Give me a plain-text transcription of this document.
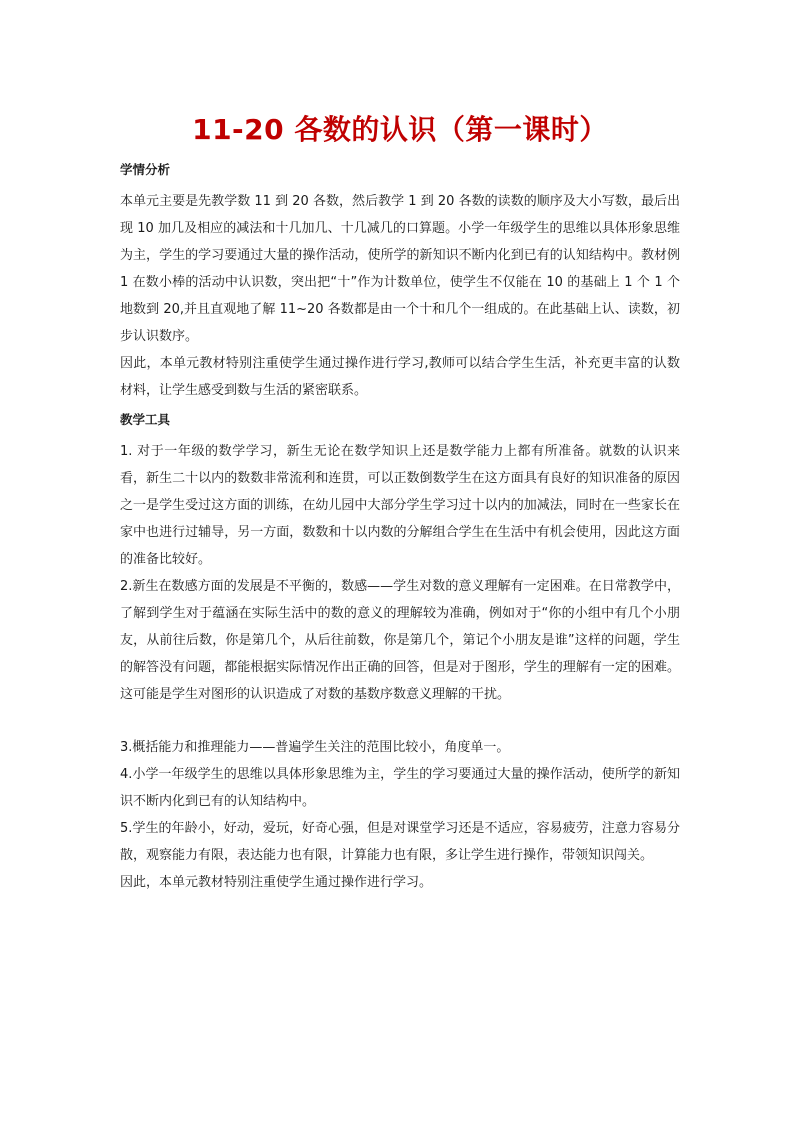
11-20 各数的认识（第一课时）
学情分析

本单元主要是先教学数 11 到 20 各数，然后教学 1 到 20 各数的读数的顺序及大小写数，最后出现 10 加几及相应的减法和十几加几、十几减几的口算题。小学一年级学生的思维以具体形象思维为主，学生的学习要通过大量的操作活动，使所学的新知识不断内化到已有的认知结构中。教材例 1 在数小棒的活动中认识数，突出把“十”作为计数单位，使学生不仅能在 10 的基础上 1 个 1 个地数到 20,并且直观地了解 11~20 各数都是由一个十和几个一组成的。在此基础上认、读数，初步认识数序。

因此，本单元教材特别注重使学生通过操作进行学习,教师可以结合学生生活，补充更丰富的认数材料，让学生感受到数与生活的紧密联系。

教学工具

1. 对于一年级的数学学习，新生无论在数学知识上还是数学能力上都有所准备。就数的认识来看，新生二十以内的数数非常流利和连贯，可以正数倒数学生在这方面具有良好的知识准备的原因之一是学生受过这方面的训练，在幼儿园中大部分学生学习过十以内的加减法，同时在一些家长在家中也进行过辅导，另一方面，数数和十以内数的分解组合学生在生活中有机会使用，因此这方面的准备比较好。

2.新生在数感方面的发展是不平衡的，数感——学生对数的意义理解有一定困难。在日常教学中，了解到学生对于蕴涵在实际生活中的数的意义的理解较为准确，例如对于“你的小组中有几个小朋友，从前往后数，你是第几个，从后往前数，你是第几个，第记个小朋友是谁”这样的问题，学生的解答没有问题，都能根据实际情况作出正确的回答，但是对于图形，学生的理解有一定的困难。这可能是学生对图形的认识造成了对数的基数序数意义理解的干扰。

3.概括能力和推理能力——普遍学生关注的范围比较小，角度单一。

4.小学一年级学生的思维以具体形象思维为主，学生的学习要通过大量的操作活动，使所学的新知识不断内化到已有的认知结构中。

5.学生的年龄小，好动，爱玩，好奇心强，但是对课堂学习还是不适应，容易疲劳，注意力容易分散，观察能力有限，表达能力也有限，计算能力也有限，多让学生进行操作，带领知识闯关。

因此，本单元教材特别注重使学生通过操作进行学习。
